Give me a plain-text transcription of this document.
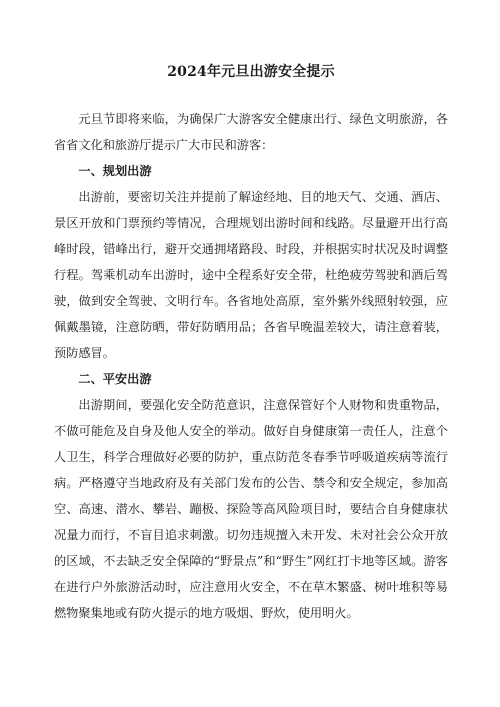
2024年元旦出游安全提示

元旦节即将来临，为确保广大游客安全健康出行、绿色文明旅游，各省省文化和旅游厅提示广大市民和游客：

一、规划出游

出游前，要密切关注并提前了解途经地、目的地天气、交通、酒店、景区开放和门票预约等情况，合理规划出游时间和线路。尽量避开出行高峰时段，错峰出行，避开交通拥堵路段、时段，并根据实时状况及时调整行程。驾乘机动车出游时，途中全程系好安全带，杜绝疲劳驾驶和酒后驾驶，做到安全驾驶、文明行车。各省地处高原，室外紫外线照射较强，应佩戴墨镜，注意防晒，带好防晒用品；各省早晚温差较大，请注意着装，预防感冒。

二、平安出游

出游期间，要强化安全防范意识，注意保管好个人财物和贵重物品，不做可能危及自身及他人安全的举动。做好自身健康第一责任人，注意个人卫生，科学合理做好必要的防护，重点防范冬春季节呼吸道疾病等流行病。严格遵守当地政府及有关部门发布的公告、禁令和安全规定，参加高空、高速、潜水、攀岩、蹦极、探险等高风险项目时，要结合自身健康状况量力而行，不盲目追求刺激。切勿违规擅入未开发、未对社会公众开放的区域，不去缺乏安全保障的“野景点”和“野生”网红打卡地等区域。游客在进行户外旅游活动时，应注意用火安全，不在草木繁盛、树叶堆积等易燃物聚集地或有防火提示的地方吸烟、野炊，使用明火。
